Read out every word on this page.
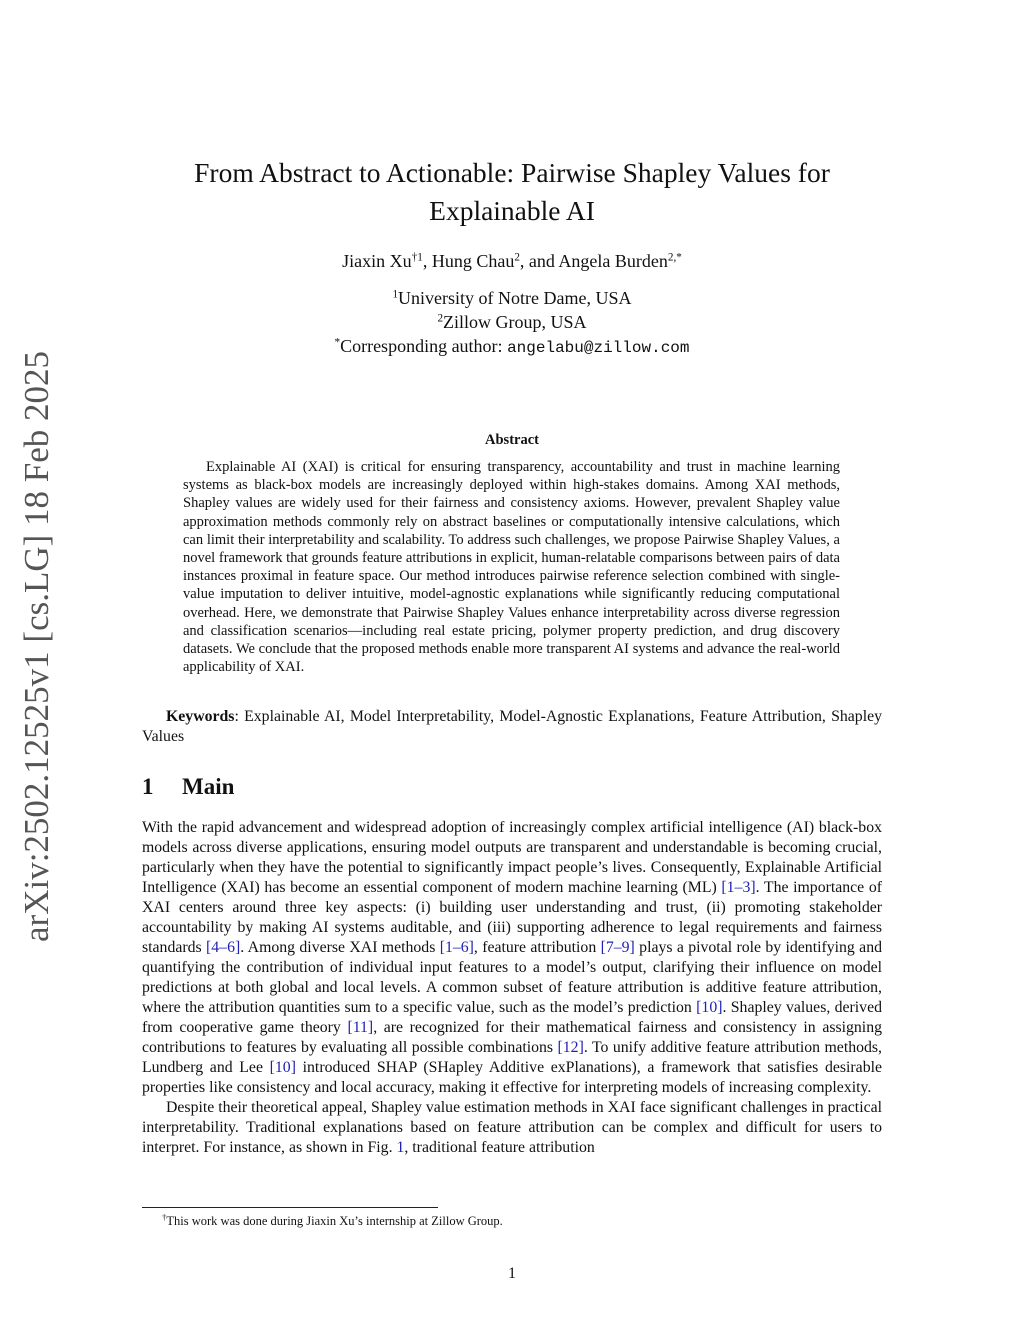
arXiv:2502.12525v1 [cs.LG] 18 Feb 2025
From Abstract to Actionable: Pairwise Shapley Values for
Explainable AI
Jiaxin Xu$^{\dagger 1}$, Hung Chau$^2$, and Angela Burden$^{2,*}$
$^1$University of Notre Dame, USA
$^2$Zillow Group, USA
*Corresponding author: angelabu@zillow.com
Abstract

Explainable AI (XAI) is critical for ensuring transparency, accountability and trust in machine learning systems as black-box models are increasingly deployed within high-stakes domains. Among XAI methods, Shapley values are widely used for their fairness and consistency axioms. However, prevalent Shapley value approximation methods commonly rely on abstract baselines or computationally intensive calculations, which can limit their interpretability and scalability. To address such challenges, we propose Pairwise Shapley Values, a novel framework that grounds feature attributions in explicit, human-relatable comparisons between pairs of data instances proximal in feature space. Our method introduces pairwise reference selection combined with single-value imputation to deliver intuitive, model-agnostic explanations while significantly reducing computational overhead. Here, we demonstrate that Pairwise Shapley Values enhance interpretability across diverse regression and classification scenarios—including real estate pricing, polymer property prediction, and drug discovery datasets. We conclude that the proposed methods enable more transparent AI systems and advance the real-world applicability of XAI.

Keywords: Explainable AI, Model Interpretability, Model-Agnostic Explanations, Feature Attribution, Shapley Values

1 Main

With the rapid advancement and widespread adoption of increasingly complex artificial intelligence (AI) black-box models across diverse applications, ensuring model outputs are transparent and understandable is becoming crucial, particularly when they have the potential to significantly impact people’s lives. Consequently, Explainable Artificial Intelligence (XAI) has become an essential component of modern machine learning (ML) [1–3]. The importance of XAI centers around three key aspects: (i) building user understanding and trust, (ii) promoting stakeholder accountability by making AI systems auditable, and (iii) supporting adherence to legal requirements and fairness standards [4–6]. Among diverse XAI methods [1–6], feature attribution [7–9] plays a pivotal role by identifying and quantifying the contribution of individual input features to a model’s output, clarifying their influence on model predictions at both global and local levels. A common subset of feature attribution is additive feature attribution, where the attribution quantities sum to a specific value, such as the model’s prediction [10]. Shapley values, derived from cooperative game theory [11], are recognized for their mathematical fairness and consistency in assigning contributions to features by evaluating all possible combinations [12]. To unify additive feature attribution methods, Lundberg and Lee [10] introduced SHAP (SHapley Additive exPlanations), a framework that satisfies desirable properties like consistency and local accuracy, making it effective for interpreting models of increasing complexity.

Despite their theoretical appeal, Shapley value estimation methods in XAI face significant challenges in practical interpretability. Traditional explanations based on feature attribution can be complex and difficult for users to interpret. For instance, as shown in Fig. 1, traditional feature attribution

†This work was done during Jiaxin Xu’s internship at Zillow Group.
1
